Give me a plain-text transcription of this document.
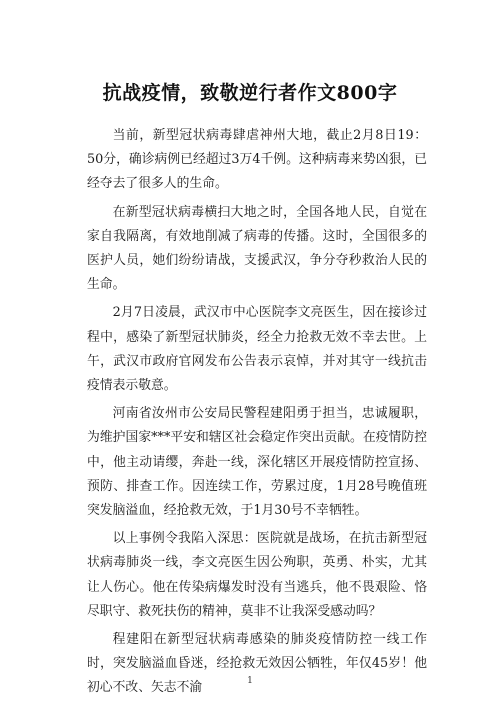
抗战疫情，致敬逆行者作文800字

当前，新型冠状病毒肆虐神州大地，截止2月8日19：50分，确诊病例已经超过3万4千例。这种病毒来势凶狠，已经夺去了很多人的生命。

在新型冠状病毒横扫大地之时，全国各地人民，自觉在家自我隔离，有效地削减了病毒的传播。这时，全国很多的医护人员，她们纷纷请战，支援武汉，争分夺秒救治人民的生命。

2月7日凌晨，武汉市中心医院李文亮医生，因在接诊过程中，感染了新型冠状肺炎，经全力抢救无效不幸去世。上午，武汉市政府官网发布公告表示哀悼，并对其守一线抗击疫情表示敬意。

河南省汝州市公安局民警程建阳勇于担当，忠诚履职，为维护国家***平安和辖区社会稳定作突出贡献。在疫情防控中，他主动请缨，奔赴一线，深化辖区开展疫情防控宣扬、预防、排查工作。因连续工作，劳累过度，1月28号晚值班突发脑溢血，经抢救无效，于1月30号不幸牺牲。

以上事例令我陷入深思：医院就是战场，在抗击新型冠状病毒肺炎一线，李文亮医生因公殉职，英勇、朴实，尤其让人伤心。他在传染病爆发时没有当逃兵，他不畏艰险、恪尽职守、救死扶伤的精神，莫非不让我深受感动吗？

程建阳在新型冠状病毒感染的肺炎疫情防控一线工作时，突发脑溢血昏迷，经抢救无效因公牺牲，年仅45岁！他初心不改、矢志不渝	1
